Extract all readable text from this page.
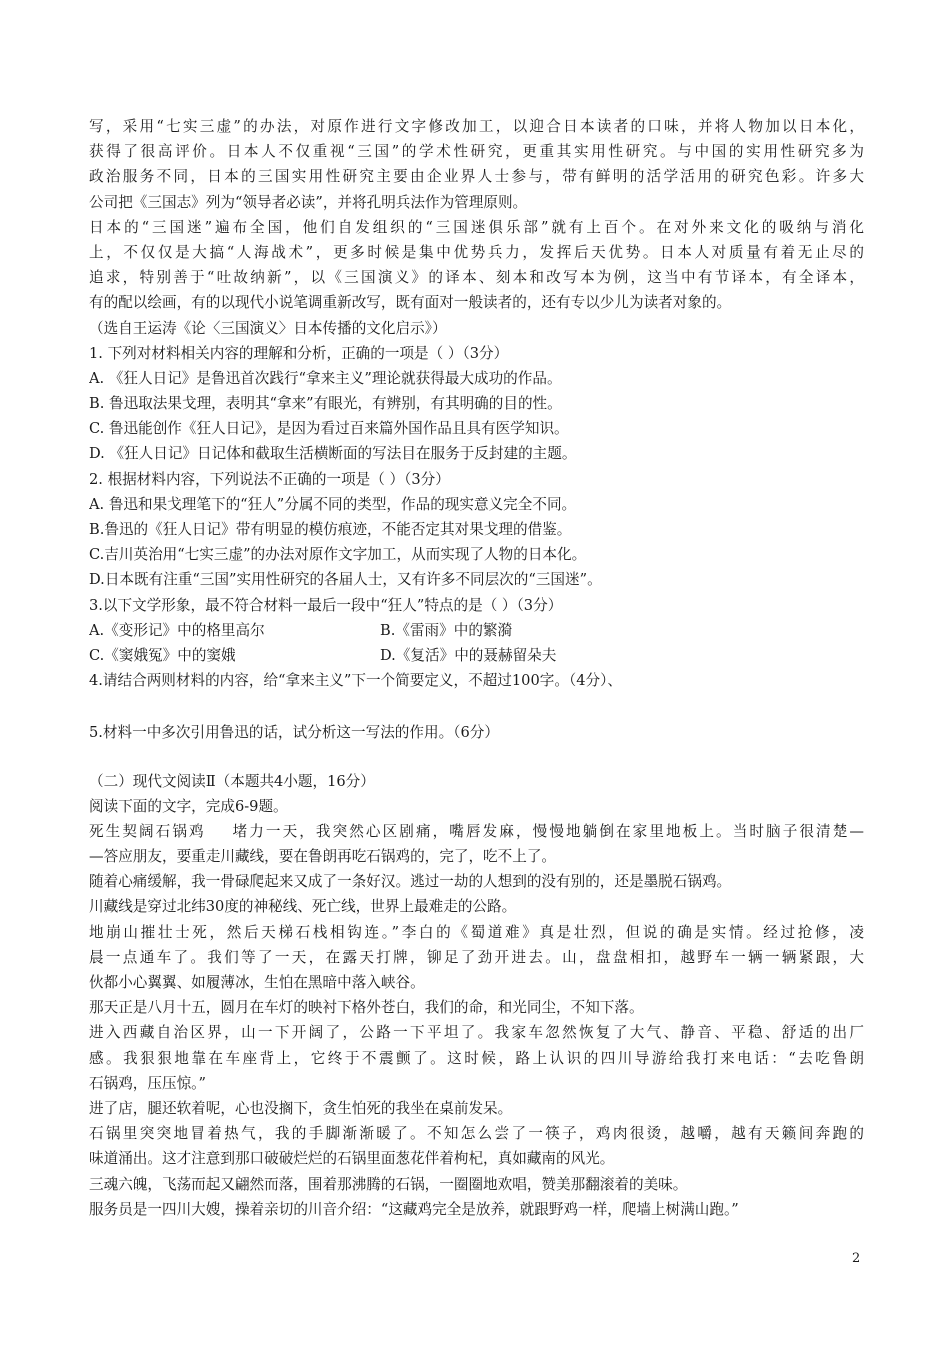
写，采用“七实三虚”的办法，对原作进行文字修改加工，以迎合日本读者的口味，并将人物加以日本化，
获得了很高评价。日本人不仅重视“三国”的学术性研究，更重其实用性研究。与中国的实用性研究多为
政治服务不同，日本的三国实用性研究主要由企业界人士参与，带有鲜明的活学活用的研究色彩。许多大
公司把《三国志》列为“领导者必读”，并将孔明兵法作为管理原则。
日本的“三国迷”遍布全国，他们自发组织的“三国迷俱乐部”就有上百个。在对外来文化的吸纳与消化
上，不仅仅是大搞“人海战术”，更多时候是集中优势兵力，发挥后天优势。日本人对质量有着无止尽的
追求，特别善于“吐故纳新”，以《三国演义》的译本、刻本和改写本为例，这当中有节译本，有全译本，
有的配以绘画，有的以现代小说笔调重新改写，既有面对一般读者的，还有专以少儿为读者对象的。
（选自王运涛《论〈三国演义〉日本传播的文化启示》）
1. 下列对材料相关内容的理解和分析，正确的一项是（ ）（3分）
A. 《狂人日记》是鲁迅首次践行“拿来主义”理论就获得最大成功的作品。
B. 鲁迅取法果戈理，表明其“拿来”有眼光，有辨别，有其明确的目的性。
C. 鲁迅能创作《狂人日记》，是因为看过百来篇外国作品且具有医学知识。
D. 《狂人日记》日记体和截取生活横断面的写法目在服务于反封建的主题。
2. 根据材料内容，下列说法不正确的一项是（ ）（3分）
A. 鲁迅和果戈理笔下的“狂人”分属不同的类型，作品的现实意义完全不同。
B.鲁迅的《狂人日记》带有明显的模仿痕迹，不能否定其对果戈理的借鉴。
C.吉川英治用“七实三虚”的办法对原作文字加工，从而实现了人物的日本化。
D.日本既有注重“三国”实用性研究的各届人士，又有许多不同层次的“三国迷”。
3.以下文学形象，最不符合材料一最后一段中“狂人”特点的是（ ）（3分）
A.《变形记》中的格里高尔	B.《雷雨》中的繁漪
C.《窦娥冤》中的窦娥	D.《复活》中的聂赫留朵夫
4.请结合两则材料的内容，给“拿来主义”下一个简要定义，不超过100字。（4分）、
5.材料一中多次引用鲁迅的话，试分析这一写法的作用。（6分）
（二）现代文阅读Ⅱ（本题共4小题，16分）
阅读下面的文字，完成6-9题。
死生契阔石锅鸡    堵力一天，我突然心区剧痛，嘴唇发麻，慢慢地躺倒在家里地板上。当时脑子很清楚—
—答应朋友，要重走川藏线，要在鲁朗再吃石锅鸡的，完了，吃不上了。
随着心痛缓解，我一骨碌爬起来又成了一条好汉。逃过一劫的人想到的没有别的，还是墨脱石锅鸡。
川藏线是穿过北纬30度的神秘线、死亡线，世界上最难走的公路。
地崩山摧壮士死，然后天梯石栈相钩连。”李白的《蜀道难》真是壮烈，但说的确是实情。经过抢修，凌
晨一点通车了。我们等了一天，在露天打牌，铆足了劲开进去。山，盘盘相扣，越野车一辆一辆紧跟，大
伙都小心翼翼、如履薄冰，生怕在黑暗中落入峡谷。
那天正是八月十五，圆月在车灯的映衬下格外苍白，我们的命，和光同尘，不知下落。
进入西藏自治区界，山一下开阔了，公路一下平坦了。我家车忽然恢复了大气、静音、平稳、舒适的出厂
感。我狠狠地靠在车座背上，它终于不震颤了。这时候，路上认识的四川导游给我打来电话：“去吃鲁朗
石锅鸡，压压惊。”
进了店，腿还软着呢，心也没搁下，贪生怕死的我坐在桌前发呆。
石锅里突突地冒着热气，我的手脚渐渐暖了。不知怎么尝了一筷子，鸡肉很烫，越嚼，越有天籁间奔跑的
味道涌出。这才注意到那口破破烂烂的石锅里面葱花伴着枸杞，真如藏南的风光。
三魂六魄，飞荡而起又翩然而落，围着那沸腾的石锅，一圈圈地欢唱，赞美那翻滚着的美味。
服务员是一四川大嫂，操着亲切的川音介绍：“这藏鸡完全是放养，就跟野鸡一样，爬墙上树满山跑。”
2
